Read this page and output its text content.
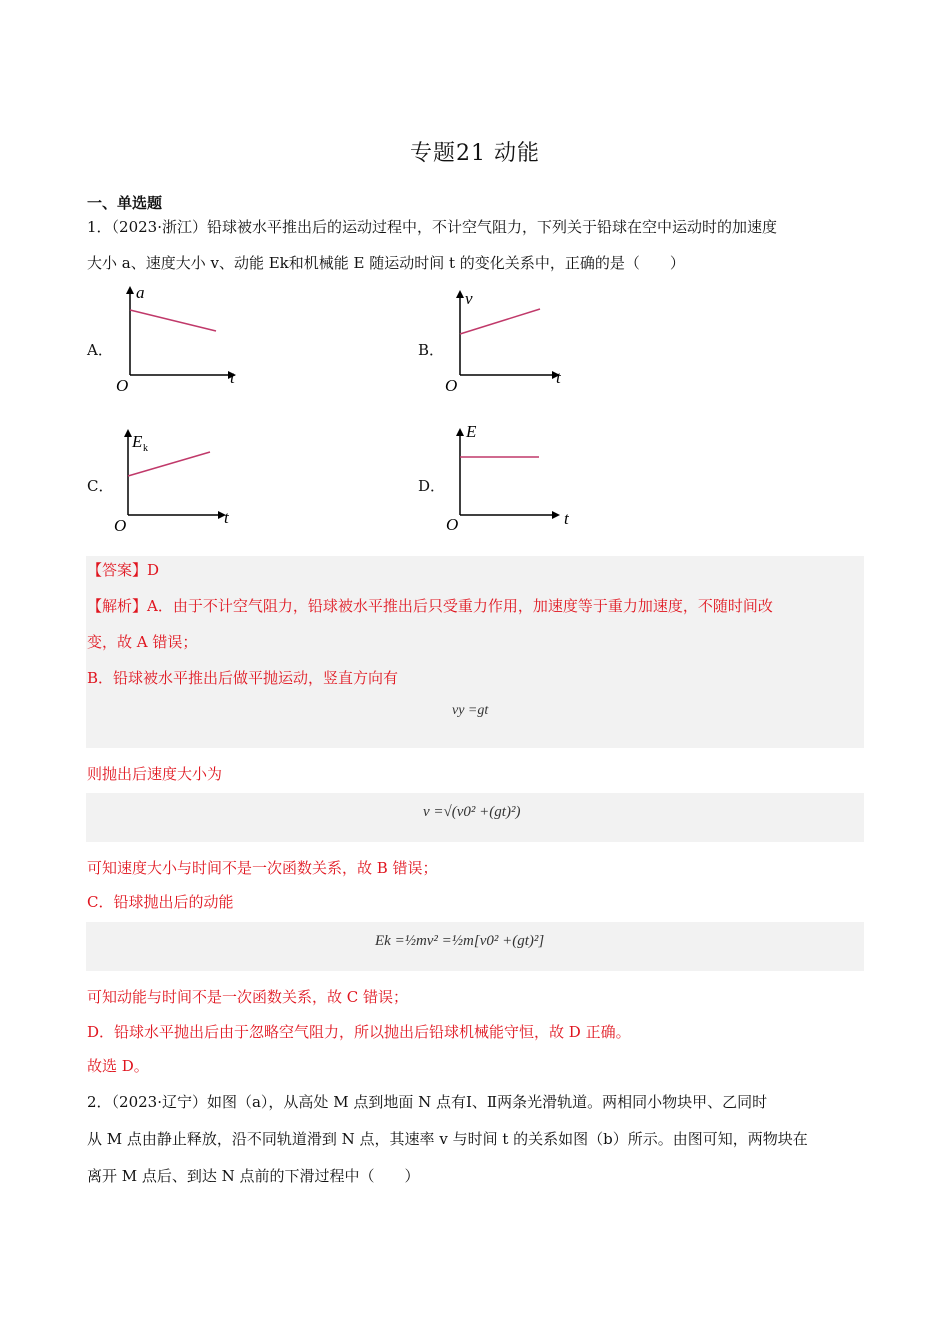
专题21 动能
一、单选题
1．（2023·浙江）铅球被水平推出后的运动过程中，不计空气阻力，下列关于铅球在空中运动时的加速度
大小 a、速度大小 v、动能 Ek和机械能 E 随运动时间 t 的变化关系中，正确的是（　　）
A．
a
t
O
B．
v
t
O
C．
E k
t
O
D．
E
t
O
【答案】D
【解析】A．由于不计空气阻力，铅球被水平推出后只受重力作用，加速度等于重力加速度，不随时间改
变，故 A 错误；
B．铅球被水平推出后做平抛运动，竖直方向有
vy =gt
则抛出后速度大小为
v =√(v0² +(gt)²)
可知速度大小与时间不是一次函数关系，故 B 错误；
C．铅球抛出后的动能
Ek =½mv² =½m[v0² +(gt)²]
可知动能与时间不是一次函数关系，故 C 错误；
D．铅球水平抛出后由于忽略空气阻力，所以抛出后铅球机械能守恒，故 D 正确。
故选 D。
2．（2023·辽宁）如图（a），从高处 M 点到地面 N 点有Ⅰ、Ⅱ两条光滑轨道。两相同小物块甲、乙同时
从 M 点由静止释放，沿不同轨道滑到 N 点，其速率 v 与时间 t 的关系如图（b）所示。由图可知，两物块在
离开 M 点后、到达 N 点前的下滑过程中（　　）
